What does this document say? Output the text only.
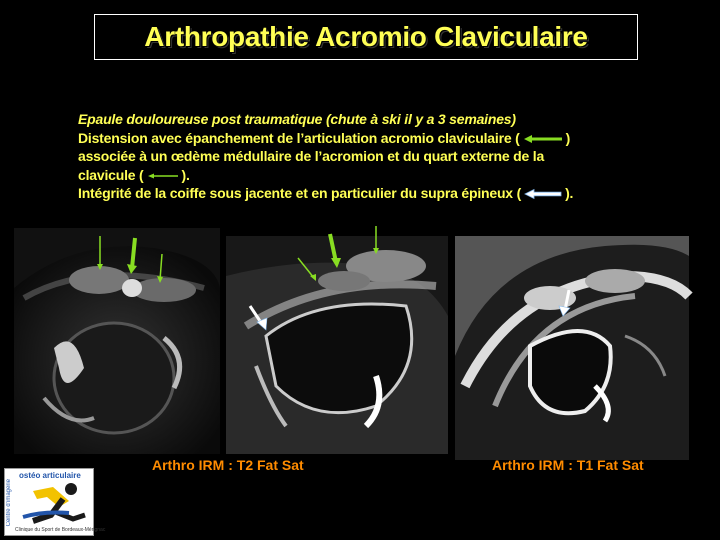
Arthropathie Acromio Claviculaire
Epaule douloureuse post traumatique (chute à ski il y a 3 semaines)
Distension avec épanchement de l’articulation acromio claviculaire (	)
associée à un œdème médullaire de l’acromion et du quart externe de la
clavicule (	).
Intégrité de la coiffe sous jacente et en particulier du supra épineux (	).
Arthro IRM : T2 Fat Sat	Arthro IRM : T1 Fat Sat
ostéo articulaire
Centre d’imagerie
Clinique du Sport de Bordeaux-Mérignac
